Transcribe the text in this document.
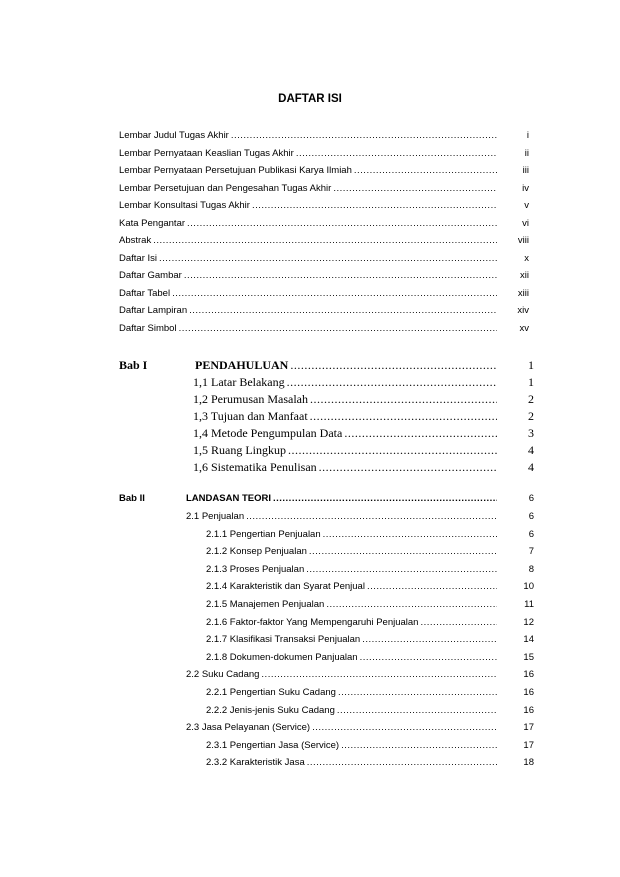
DAFTAR ISI
Lembar Judul Tugas Akhir .....	i
Lembar Pernyataan Keaslian Tugas Akhir .....	ii
Lembar Pernyataan Persetujuan Publikasi Karya Ilmiah .....	iii
Lembar Persetujuan dan Pengesahan Tugas Akhir .....	iv
Lembar Konsultasi Tugas Akhir .....	v
Kata Pengantar .....	vi
Abstrak .....	viii
Daftar Isi .....	x
Daftar Gambar .....	xii
Daftar Tabel .....	xiii
Daftar Lampiran .....	xiv
Daftar Simbol .....	xv
Bab I	PENDAHULUAN .....	1
1,1 Latar Belakang .....	1
1,2 Perumusan Masalah .....	2
1,3 Tujuan dan Manfaat .....	2
1,4 Metode Pengumpulan Data .....	3
1,5 Ruang Lingkup .....	4
1,6 Sistematika Penulisan .....	4
Bab II	LANDASAN TEORI .....	6
2.1 Penjualan .....	6
2.1.1 Pengertian Penjualan .....	6
2.1.2 Konsep Penjualan .....	7
2.1.3 Proses Penjualan .....	8
2.1.4 Karakteristik dan Syarat Penjual .....	10
2.1.5 Manajemen Penjualan .....	11
2.1.6 Faktor-faktor Yang Mempengaruhi Penjualan .....	12
2.1.7 Klasifikasi Transaksi Penjualan .....	14
2.1.8 Dokumen-dokumen Panjualan .....	15
2.2 Suku Cadang .....	16
2.2.1 Pengertian Suku Cadang .....	16
2.2.2 Jenis-jenis Suku Cadang .....	16
2.3 Jasa Pelayanan (Service) .....	17
2.3.1 Pengertian Jasa (Service) .....	17
2.3.2 Karakteristik Jasa .....	18
